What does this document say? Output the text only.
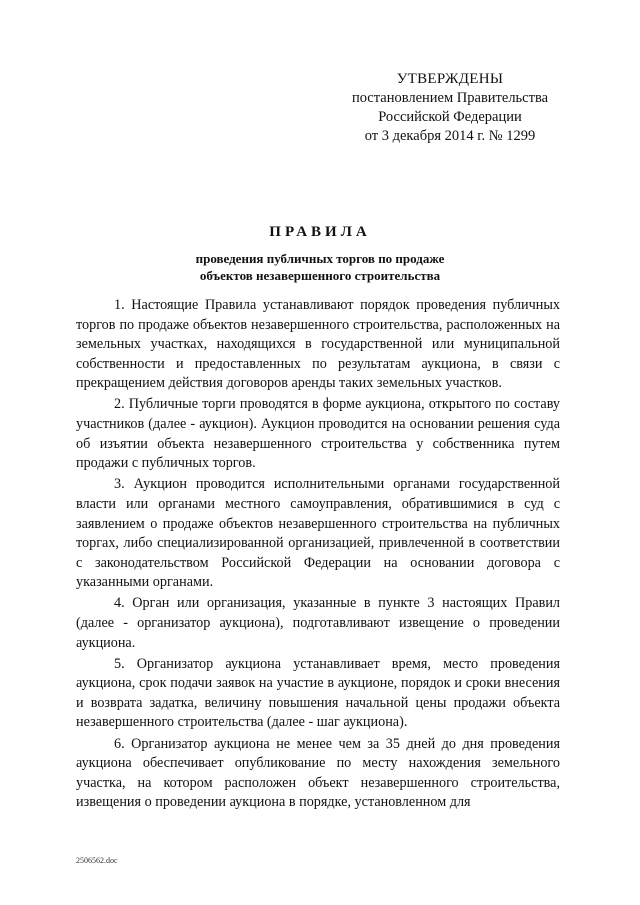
УТВЕРЖДЕНЫ
постановлением Правительства
Российской Федерации
от 3 декабря 2014 г. № 1299
ПРАВИЛА
проведения публичных торгов по продаже
объектов незавершенного строительства

1. Настоящие Правила устанавливают порядок проведения публичных торгов по продаже объектов незавершенного строительства, расположенных на земельных участках, находящихся в государственной или муниципальной собственности и предоставленных по результатам аукциона, в связи с прекращением действия договоров аренды таких земельных участков.

2. Публичные торги проводятся в форме аукциона, открытого по составу участников (далее - аукцион). Аукцион проводится на основании решения суда об изъятии объекта незавершенного строительства у собственника путем продажи с публичных торгов.

3. Аукцион проводится исполнительными органами государственной власти или органами местного самоуправления, обратившимися в суд с заявлением о продаже объектов незавершенного строительства на публичных торгах, либо специализированной организацией, привлеченной в соответствии с законодательством Российской Федерации на основании договора с указанными органами.

4. Орган или организация, указанные в пункте 3 настоящих Правил (далее - организатор аукциона), подготавливают извещение о проведении аукциона.

5. Организатор аукциона устанавливает время, место проведения аукциона, срок подачи заявок на участие в аукционе, порядок и сроки внесения и возврата задатка, величину повышения начальной цены продажи объекта незавершенного строительства (далее - шаг аукциона).

6. Организатор аукциона не менее чем за 35 дней до дня проведения аукциона обеспечивает опубликование по месту нахождения земельного участка, на котором расположен объект незавершенного строительства, извещения о проведении аукциона в порядке, установленном для

2506562.doc
